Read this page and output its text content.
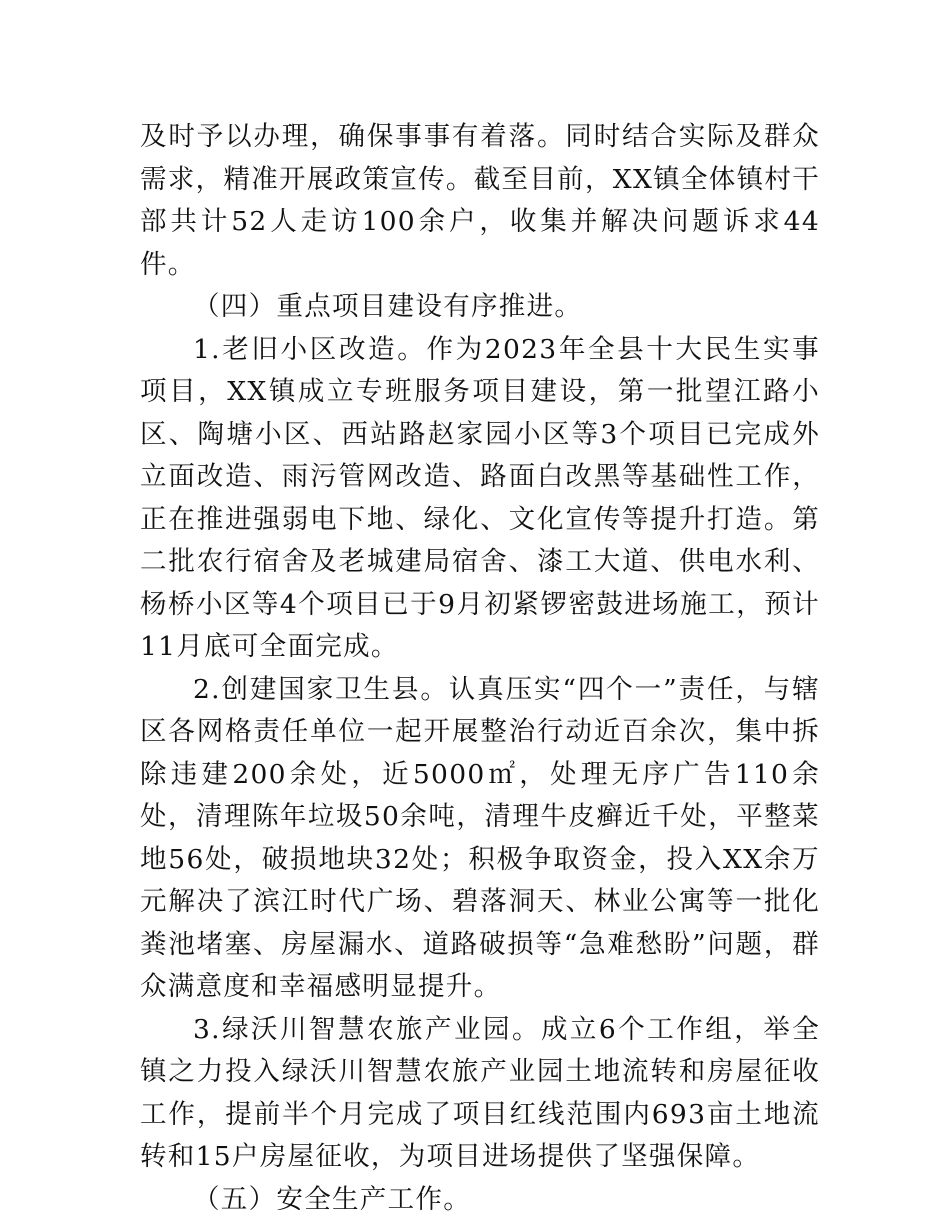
及时予以办理，确保事事有着落。同时结合实际及群众需求，精准开展政策宣传。截至目前，XX镇全体镇村干部共计52人走访100余户，收集并解决问题诉求44件。

（四）重点项目建设有序推进。

1.老旧小区改造。作为2023年全县十大民生实事项目，XX镇成立专班服务项目建设，第一批望江路小区、陶塘小区、西站路赵家园小区等3个项目已完成外立面改造、雨污管网改造、路面白改黑等基础性工作，正在推进强弱电下地、绿化、文化宣传等提升打造。第二批农行宿舍及老城建局宿舍、漆工大道、供电水利、杨桥小区等4个项目已于9月初紧锣密鼓进场施工，预计11月底可全面完成。

2.创建国家卫生县。认真压实“四个一”责任，与辖区各网格责任单位一起开展整治行动近百余次，集中拆除违建200余处，近5000㎡，处理无序广告110余处，清理陈年垃圾50余吨，清理牛皮癣近千处，平整菜地56处，破损地块32处；积极争取资金，投入XX余万元解决了滨江时代广场、碧落洞天、林业公寓等一批化粪池堵塞、房屋漏水、道路破损等“急难愁盼”问题，群众满意度和幸福感明显提升。

3.绿沃川智慧农旅产业园。成立6个工作组，举全镇之力投入绿沃川智慧农旅产业园土地流转和房屋征收工作，提前半个月完成了项目红线范围内693亩土地流转和15户房屋征收，为项目进场提供了坚强保障。

（五）安全生产工作。
